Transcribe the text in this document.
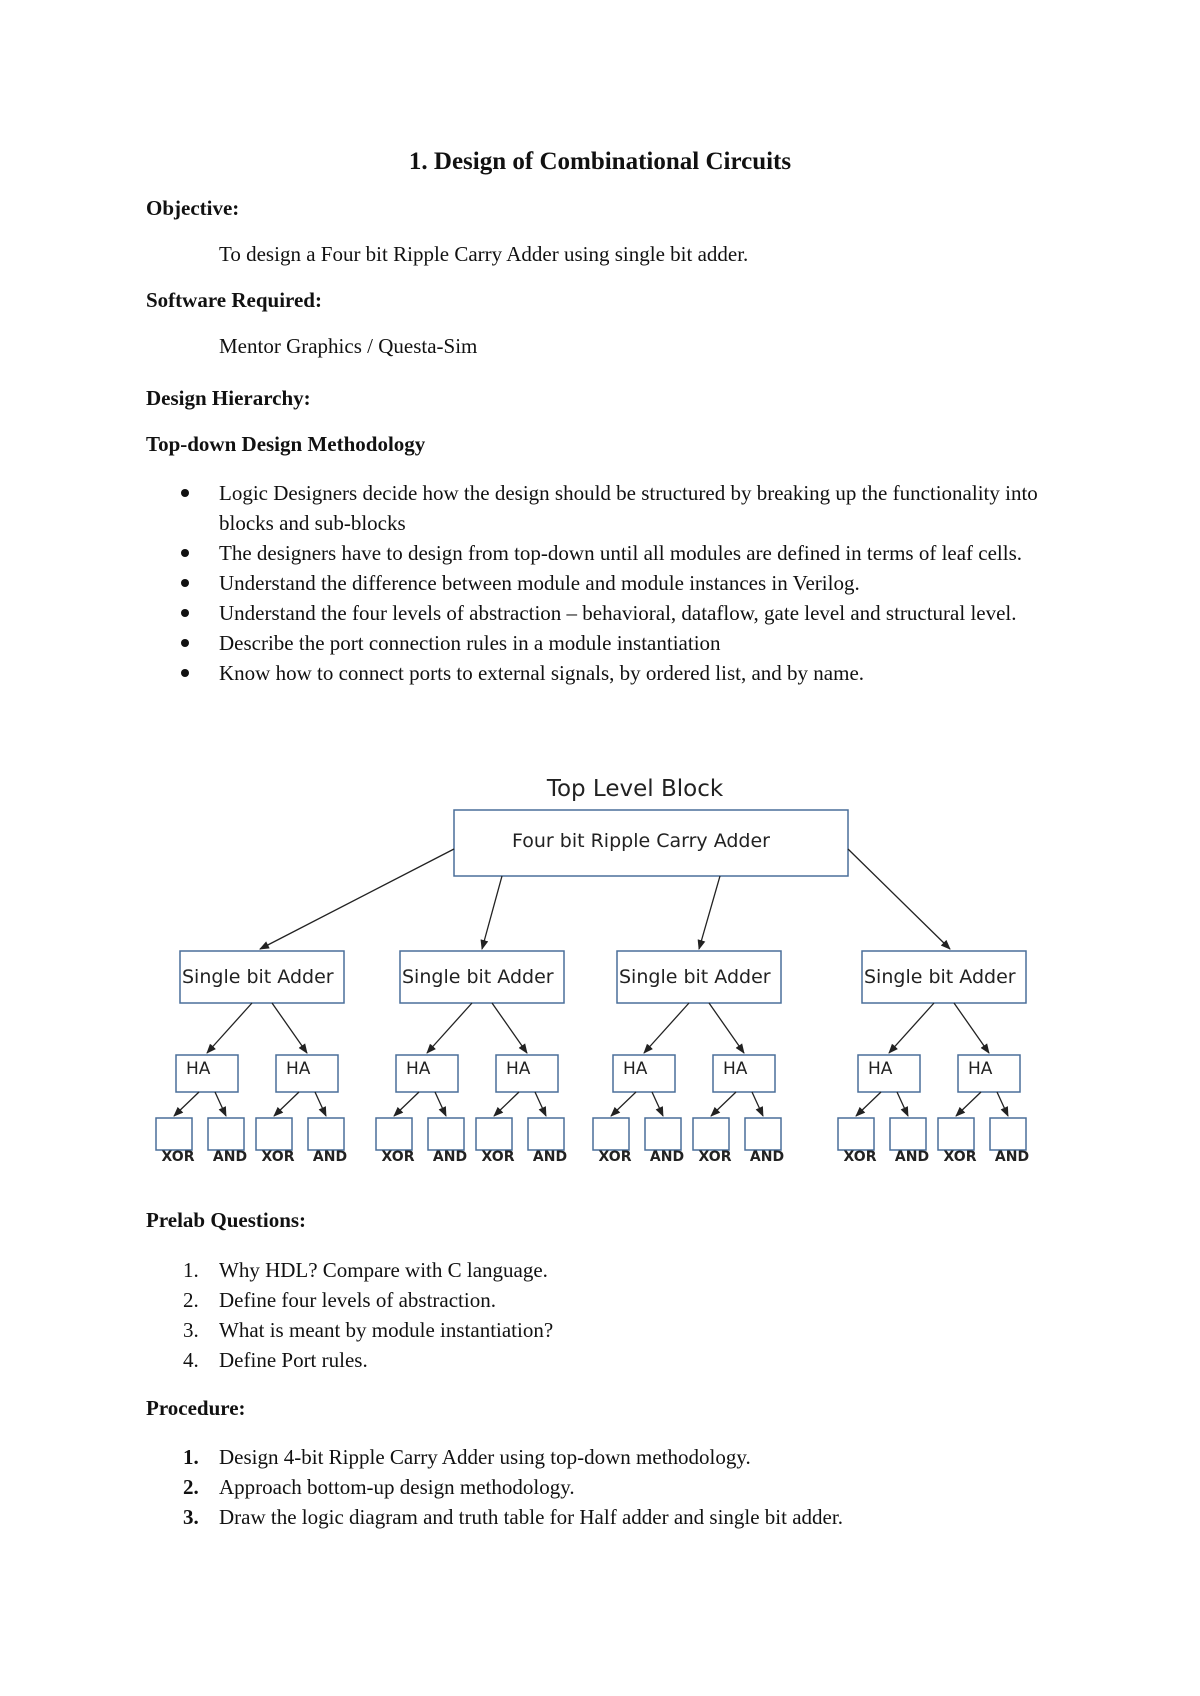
1. Design of Combinational Circuits
Objective:
To design a Four bit Ripple Carry Adder using single bit adder.
Software Required:
Mentor Graphics / Questa-Sim
Design Hierarchy:
Top-down Design Methodology
Logic Designers decide how the design should be structured by breaking up the functionality into blocks and sub-blocks
The designers have to design from top-down until all modules are defined in terms of leaf cells.
Understand the difference between module and module instances in Verilog.
Understand the four levels of abstraction – behavioral, dataflow, gate level and structural level.
Describe the port connection rules in a module instantiation
Know how to connect ports to external signals, by ordered list, and by name.
Top Level Block
Four bit Ripple Carry Adder
Single bit Adder
HA
XOR AND
HA
XOR AND
Single bit Adder
HA
XOR AND
HA
XOR AND
Single bit Adder
HA
XOR AND
HA
XOR AND
Single bit Adder
HA
XOR AND
HA
XOR AND
Prelab Questions:
1. Why HDL? Compare with C language.
2. Define four levels of abstraction.
3. What is meant by module instantiation?
4. Define Port rules.
Procedure:
1. Design 4-bit Ripple Carry Adder using top-down methodology.
2. Approach bottom-up design methodology.
3. Draw the logic diagram and truth table for Half adder and single bit adder.
